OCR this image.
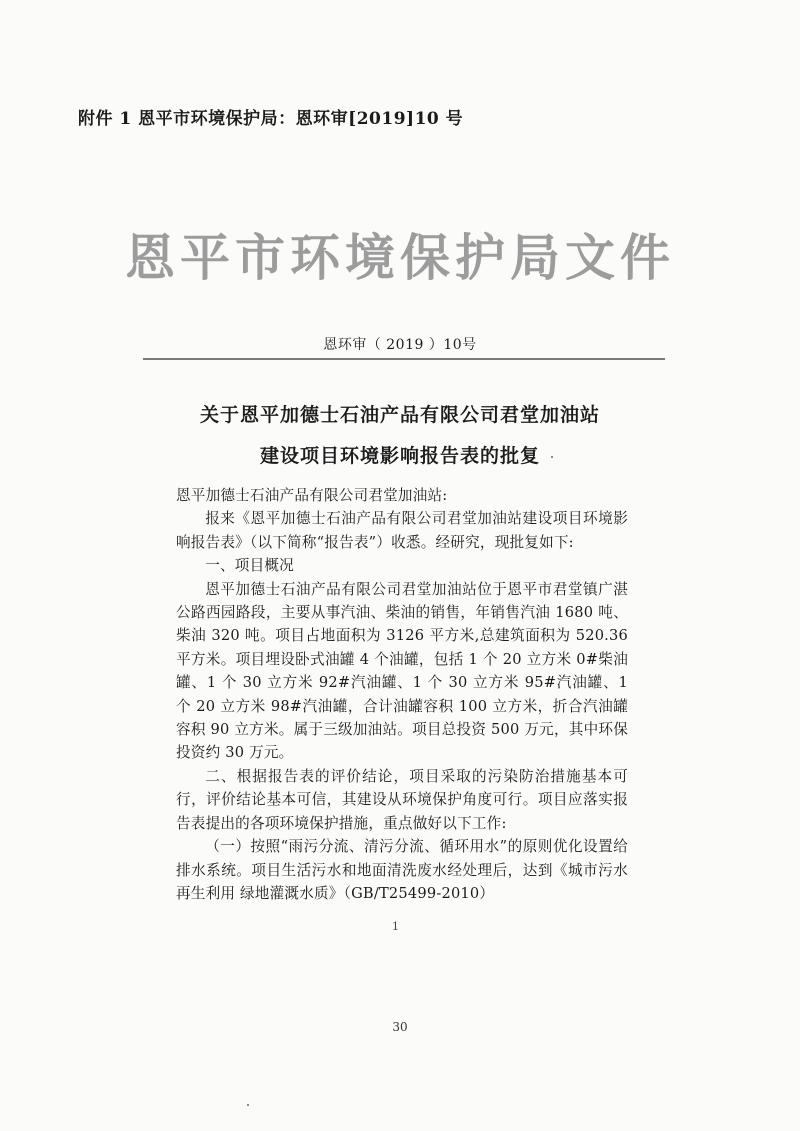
附件 1 恩平市环境保护局：恩环审[2019]10 号
恩平市环境保护局文件
恩环审（ 2019 ）10号
关于恩平加德士石油产品有限公司君堂加油站
建设项目环境影响报告表的批复

恩平加德士石油产品有限公司君堂加油站:

报来《恩平加德士石油产品有限公司君堂加油站建设项目环境影响报告表》（以下简称“报告表”）收悉。经研究，现批复如下:

一、项目概况

恩平加德士石油产品有限公司君堂加油站位于恩平市君堂镇广湛公路西园路段，主要从事汽油、柴油的销售，年销售汽油 1680 吨、柴油 320 吨。项目占地面积为 3126 平方米,总建筑面积为 520.36 平方米。项目埋设卧式油罐 4 个油罐，包括 1 个 20 立方米 0#柴油罐、1 个 30 立方米 92#汽油罐、1 个 30 立方米 95#汽油罐、1 个 20 立方米 98#汽油罐，合计油罐容积 100 立方米，折合汽油罐容积 90 立方米。属于三级加油站。项目总投资 500 万元，其中环保投资约 30 万元。

二、根据报告表的评价结论，项目采取的污染防治措施基本可行，评价结论基本可信，其建设从环境保护角度可行。项目应落实报告表提出的各项环境保护措施，重点做好以下工作:

（一）按照“雨污分流、清污分流、循环用水”的原则优化设置给排水系统。项目生活污水和地面清洗废水经处理后，达到《城市污水再生利用 绿地灌溉水质》（GB/T25499-2010）

1
30
